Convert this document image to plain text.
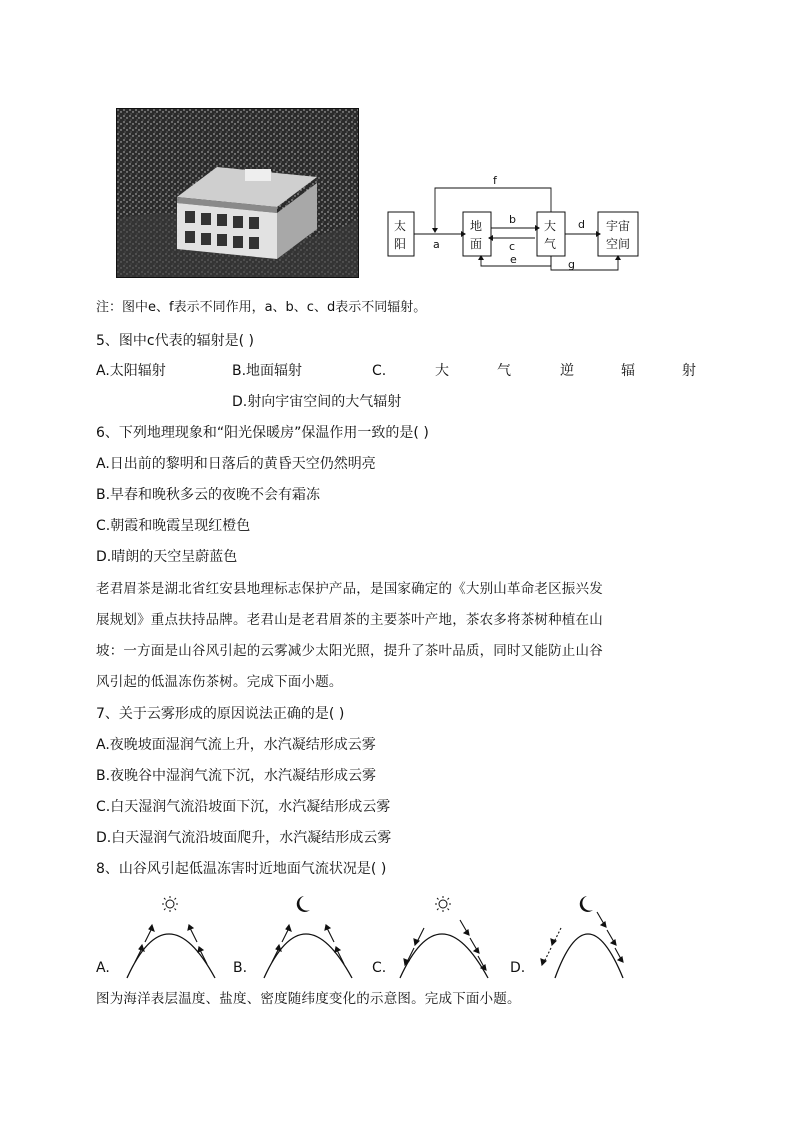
太
阳
地
面
大
气
宇宙
空间
a
b
c
d
e
f
g
注：图中e、f表示不同作用，a、b、c、d表示不同辐射。
5、图中c代表的辐射是( )
A.太阳辐射	B.地面辐射	C.	大	气	逆	辐	射
D.射向宇宙空间的大气辐射
6、下列地理现象和“阳光保暖房”保温作用一致的是( )
A.日出前的黎明和日落后的黄昏天空仍然明亮
B.早春和晚秋多云的夜晚不会有霜冻
C.朝霞和晚霞呈现红橙色
D.晴朗的天空呈蔚蓝色
老君眉茶是湖北省红安县地理标志保护产品，是国家确定的《大别山革命老区振兴发
展规划》重点扶持品牌。老君山是老君眉茶的主要茶叶产地，茶农多将茶树种植在山
坡：一方面是山谷风引起的云雾减少太阳光照，提升了茶叶品质，同时又能防止山谷
风引起的低温冻伤茶树。完成下面小题。
7、关于云雾形成的原因说法正确的是( )
A.夜晚坡面湿润气流上升，水汽凝结形成云雾
B.夜晚谷中湿润气流下沉，水汽凝结形成云雾
C.白天湿润气流沿坡面下沉，水汽凝结形成云雾
D.白天湿润气流沿坡面爬升，水汽凝结形成云雾
8、山谷风引起低温冻害时近地面气流状况是( )
A.	B.	C.	D.
图为海洋表层温度、盐度、密度随纬度变化的示意图。完成下面小题。
